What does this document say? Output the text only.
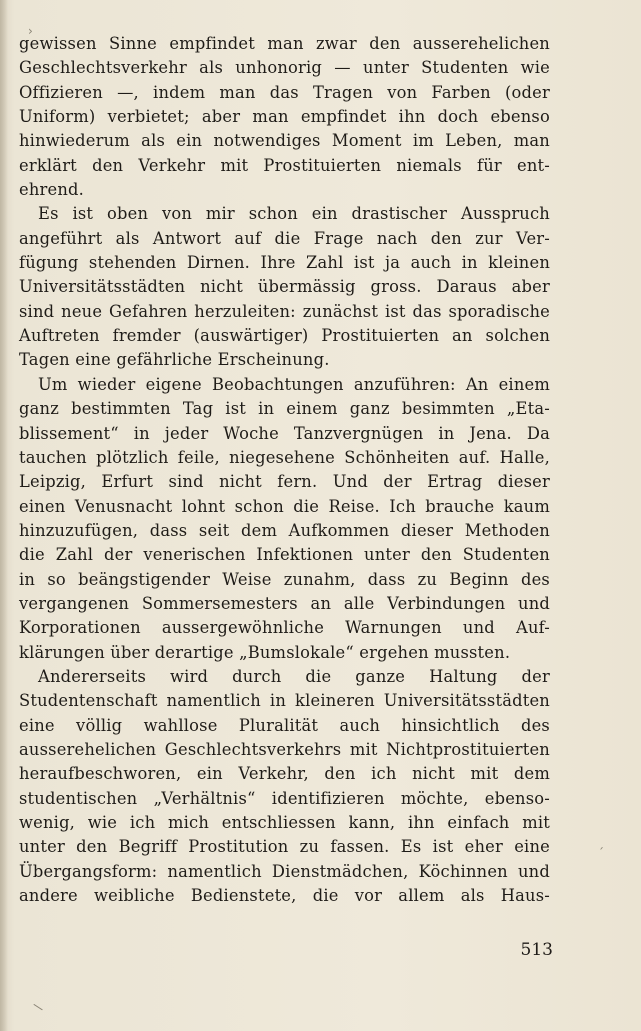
›
´
\
gewissen Sinne empfindet man zwar den ausserehelichen
Geschlechtsverkehr als unhonorig — unter Studenten wie
Offizieren —, indem man das Tragen von Farben (oder
Uniform) verbietet; aber man empfindet ihn doch ebenso
hinwiederum als ein notwendiges Moment im Leben, man
erklärt den Verkehr mit Prostituierten niemals für ent-
ehrend.
Es ist oben von mir schon ein drastischer Ausspruch
angeführt als Antwort auf die Frage nach den zur Ver-
fügung stehenden Dirnen. Ihre Zahl ist ja auch in kleinen
Universitätsstädten nicht übermässig gross. Daraus aber
sind neue Gefahren herzuleiten: zunächst ist das sporadische
Auftreten fremder (auswärtiger) Prostituierten an solchen
Tagen eine gefährliche Erscheinung.
Um wieder eigene Beobachtungen anzuführen: An einem
ganz bestimmten Tag ist in einem ganz besimmten „Eta-
blissement“ in jeder Woche Tanzvergnügen in Jena. Da
tauchen plötzlich feile, niegesehene Schönheiten auf. Halle,
Leipzig, Erfurt sind nicht fern. Und der Ertrag dieser
einen Venusnacht lohnt schon die Reise. Ich brauche kaum
hinzuzufügen, dass seit dem Aufkommen dieser Methoden
die Zahl der venerischen Infektionen unter den Studenten
in so beängstigender Weise zunahm, dass zu Beginn des
vergangenen Sommersemesters an alle Verbindungen und
Korporationen aussergewöhnliche Warnungen und Auf-
klärungen über derartige „Bumslokale“ ergehen mussten.
Andererseits wird durch die ganze Haltung der
Studentenschaft namentlich in kleineren Universitätsstädten
eine völlig wahllose Pluralität auch hinsichtlich des
ausserehelichen Geschlechtsverkehrs mit Nichtprostituierten
heraufbeschworen, ein Verkehr, den ich nicht mit dem
studentischen „Verhältnis“ identifizieren möchte, ebenso-
wenig, wie ich mich entschliessen kann, ihn einfach mit
unter den Begriff Prostitution zu fassen. Es ist eher eine
Übergangsform: namentlich Dienstmädchen, Köchinnen und
andere weibliche Bedienstete, die vor allem als Haus-
513
